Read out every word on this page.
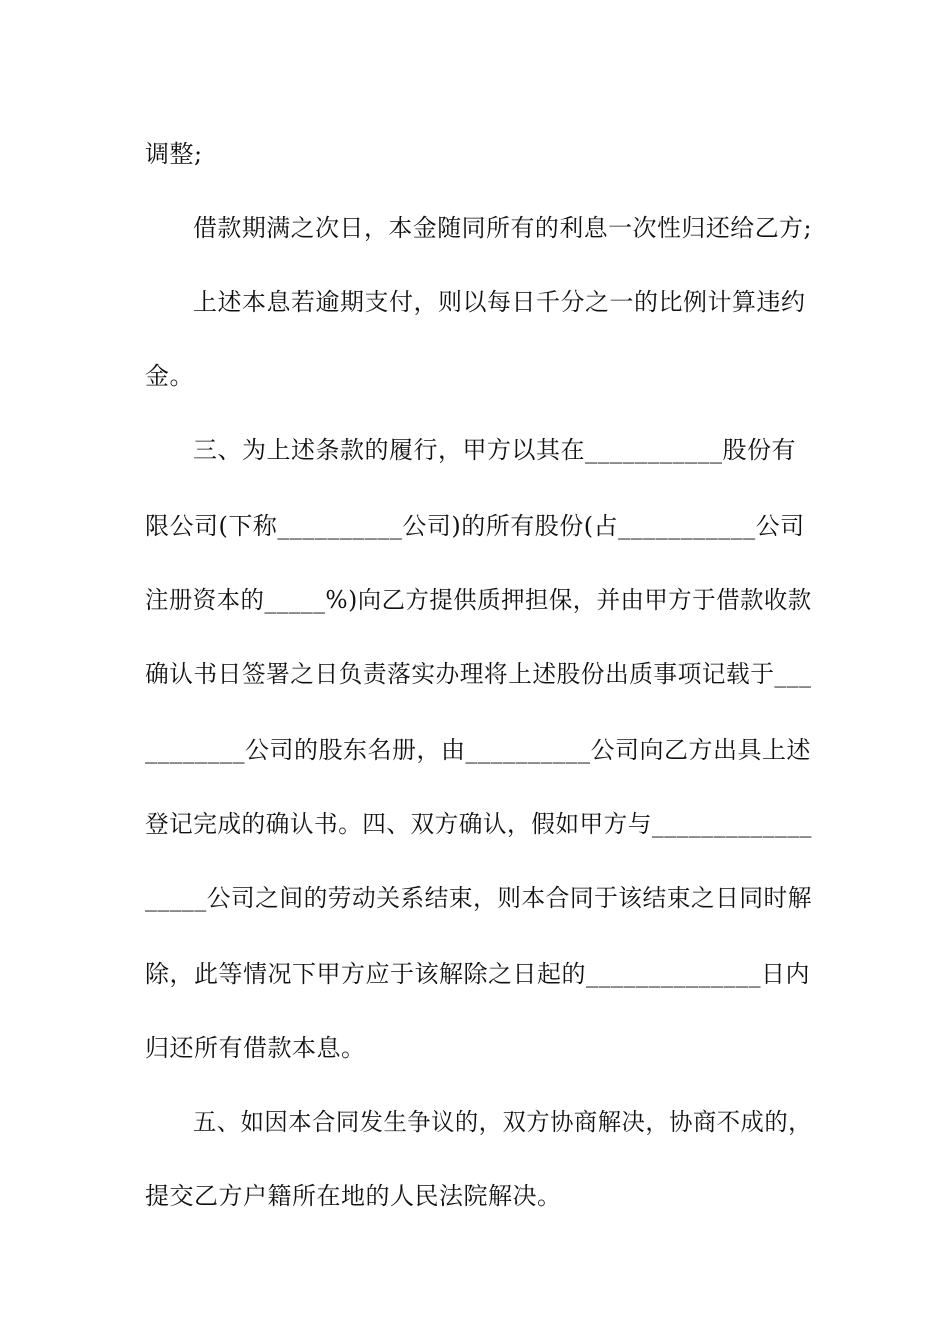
调整;
借款期满之次日，本金随同所有的利息一次性归还给乙方;
上述本息若逾期支付，则以每日千分之一的比例计算违约
金。
三、为上述条款的履行，甲方以其在___________股份有
限公司(下称__________公司)的所有股份(占___________公司
注册资本的_____%)向乙方提供质押担保，并由甲方于借款收款
确认书日签署之日负责落实办理将上述股份出质事项记载于___
________公司的股东名册，由__________公司向乙方出具上述
登记完成的确认书。四、双方确认，假如甲方与_____________
_____公司之间的劳动关系结束，则本合同于该结束之日同时解
除，此等情况下甲方应于该解除之日起的______________日内
归还所有借款本息。
五、如因本合同发生争议的，双方协商解决，协商不成的，
提交乙方户籍所在地的人民法院解决。
